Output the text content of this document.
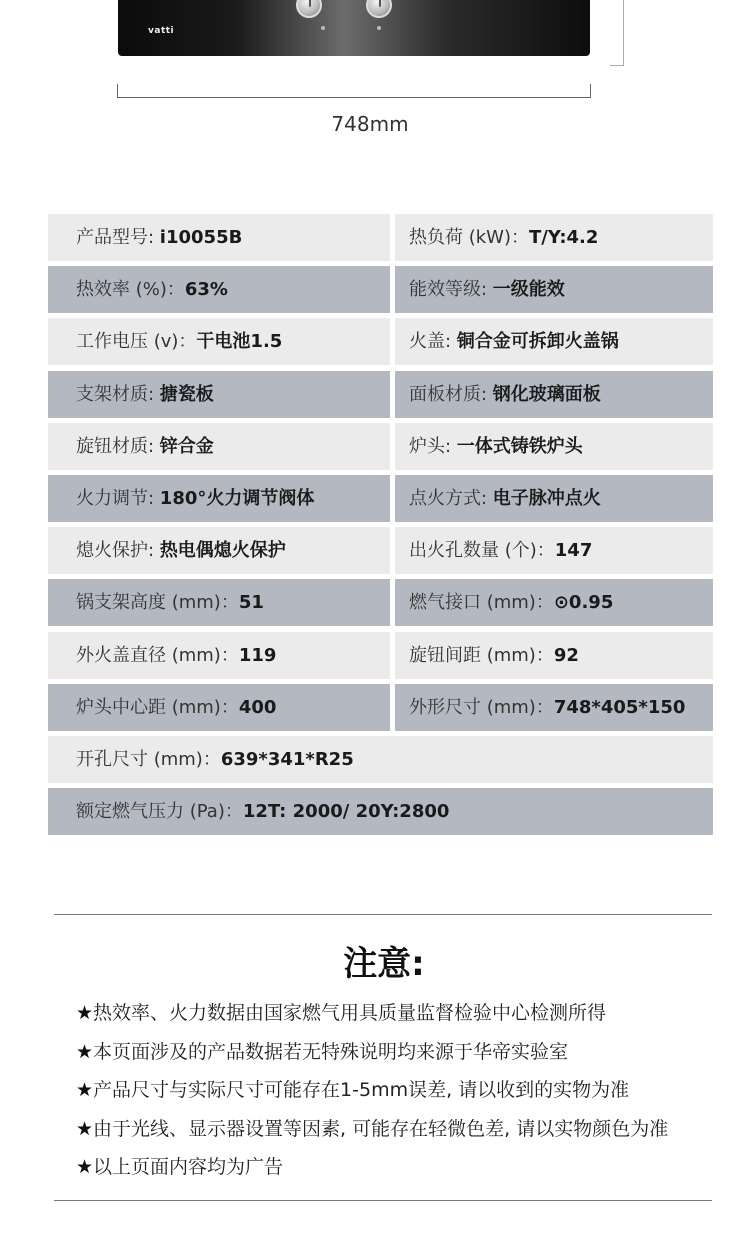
vatti
748mm
产品型号: i10055B	热负荷 (kW)：T/Y:4.2
热效率 (%)：63%	能效等级: 一级能效
工作电压 (v)：干电池1.5	火盖: 铜合金可拆卸火盖锅
支架材质: 搪瓷板	面板材质: 钢化玻璃面板
旋钮材质: 锌合金	炉头: 一体式铸铁炉头
火力调节: 180°火力调节阀体	点火方式: 电子脉冲点火
熄火保护: 热电偶熄火保护	出火孔数量 (个)：147
锅支架高度 (mm)：51	燃气接口 (mm)：⊙0.95
外火盖直径 (mm)：119	旋钮间距 (mm)：92
炉头中心距 (mm)：400	外形尺寸 (mm)：748*405*150
开孔尺寸 (mm)：639*341*R25
额定燃气压力 (Pa)：12T: 2000/ 20Y:2800
注意:
★热效率、火力数据由国家燃气用具质量监督检验中心检测所得
★本页面涉及的产品数据若无特殊说明均来源于华帝实验室
★产品尺寸与实际尺寸可能存在1-5mm误差, 请以收到的实物为准
★由于光线、显示器设置等因素, 可能存在轻微色差, 请以实物颜色为准
★以上页面内容均为广告
